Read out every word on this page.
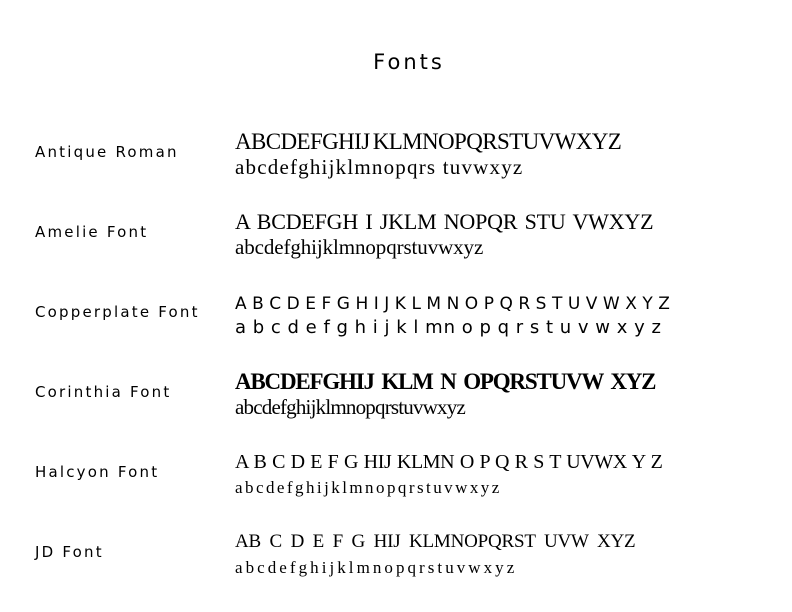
Fonts
Antique Roman ABCDEFGHIJ KLMNOPQRSTUVWXYZ
abcdefghijklmnopqrs tuvwxyz
Amelie Font	A BCDEFGH I JKLM NOPQR STU VWXYZ
abcdefghijklmnopqrstuvwxyz
Copperplate Font A B C D E F G H I J K L M N O P Q R S T U V W X Y Z
a b c d e f g h i j k l mn o p q r s t u v w x y z
Corinthia Font	ABCDEFGHIJ KLM N OPQRSTUVW XYZ
abcdefghijklmnopqrstuvwxyz
Halcyon Font	A B C D E F G HIJ KLMN O P Q R S T UVWX Y Z
a b c d e f g h i j k l m n o p q r s t u v w x y z
JD Font	AB C D E F G HIJ KLMNOPQRST UVW XYZ
a b c d e f g h i j k l m n o p q r s t u v w x y z
